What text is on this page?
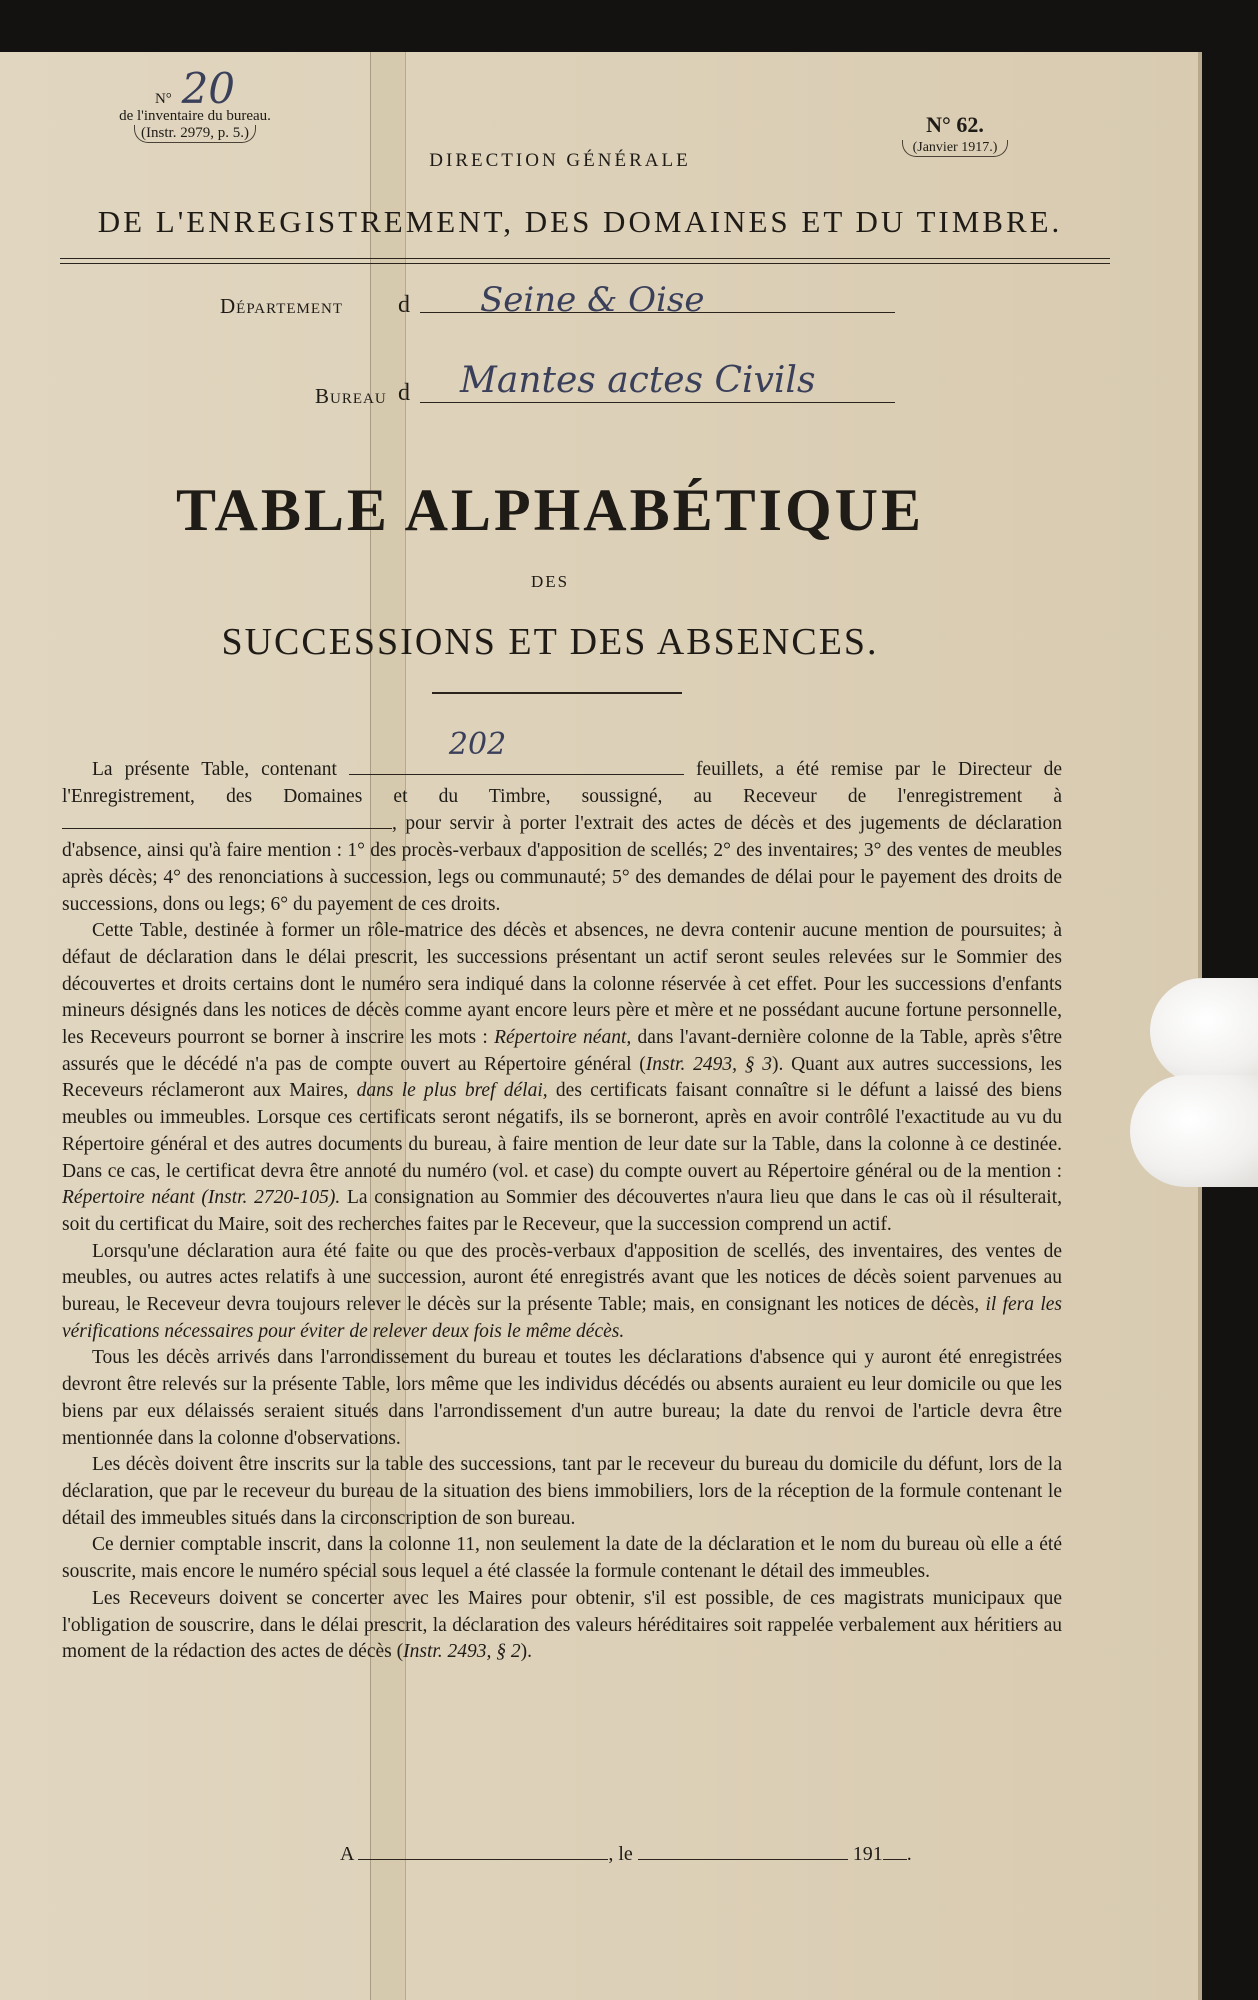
N° 20
de l'inventaire du bureau.
(Instr. 2979, p. 5.)	N° 62.
(Janvier 1917.)
DIRECTION GÉNÉRALE
DE L'ENREGISTREMENT, DES DOMAINES ET DU TIMBRE.
Département d Seine & Oise
Bureau d Mantes actes Civils
TABLE ALPHABÉTIQUE
DES
SUCCESSIONS ET DES ABSENCES.

La présente Table, contenant
202
feuillets, a été remise par le Directeur de l'Enregistrement, des Domaines et du Timbre, soussigné, au Receveur de l'enregistrement à , pour servir à porter l'extrait des actes de décès et des jugements de déclaration d'absence, ainsi qu'à faire mention : 1° des procès-verbaux d'apposition de scellés; 2° des inventaires; 3° des ventes de meubles après décès; 4° des renonciations à succession, legs ou communauté; 5° des demandes de délai pour le payement des droits de successions, dons ou legs; 6° du payement de ces droits.

Cette Table, destinée à former un rôle-matrice des décès et absences, ne devra contenir aucune mention de poursuites; à défaut de déclaration dans le délai prescrit, les successions présentant un actif seront seules relevées sur le Sommier des découvertes et droits certains dont le numéro sera indiqué dans la colonne réservée à cet effet. Pour les successions d'enfants mineurs désignés dans les notices de décès comme ayant encore leurs père et mère et ne possédant aucune fortune personnelle, les Receveurs pourront se borner à inscrire les mots : Répertoire néant, dans l'avant-dernière colonne de la Table, après s'être assurés que le décédé n'a pas de compte ouvert au Répertoire général (Instr. 2493, § 3). Quant aux autres successions, les Receveurs réclameront aux Maires, dans le plus bref délai, des certificats faisant connaître si le défunt a laissé des biens meubles ou immeubles. Lorsque ces certificats seront négatifs, ils se borneront, après en avoir contrôlé l'exactitude au vu du Répertoire général et des autres documents du bureau, à faire mention de leur date sur la Table, dans la colonne à ce destinée. Dans ce cas, le certificat devra être annoté du numéro (vol. et case) du compte ouvert au Répertoire général ou de la mention : Répertoire néant (Instr. 2720-105). La consignation au Sommier des découvertes n'aura lieu que dans le cas où il résulterait, soit du certificat du Maire, soit des recherches faites par le Receveur, que la succession comprend un actif.

Lorsqu'une déclaration aura été faite ou que des procès-verbaux d'apposition de scellés, des inventaires, des ventes de meubles, ou autres actes relatifs à une succession, auront été enregistrés avant que les notices de décès soient parvenues au bureau, le Receveur devra toujours relever le décès sur la présente Table; mais, en consignant les notices de décès, il fera les vérifications nécessaires pour éviter de relever deux fois le même décès.

Tous les décès arrivés dans l'arrondissement du bureau et toutes les déclarations d'absence qui y auront été enregistrées devront être relevés sur la présente Table, lors même que les individus décédés ou absents auraient eu leur domicile ou que les biens par eux délaissés seraient situés dans l'arrondissement d'un autre bureau; la date du renvoi de l'article devra être mentionnée dans la colonne d'observations.

Les décès doivent être inscrits sur la table des successions, tant par le receveur du bureau du domicile du défunt, lors de la déclaration, que par le receveur du bureau de la situation des biens immobiliers, lors de la réception de la formule contenant le détail des immeubles situés dans la circonscription de son bureau.

Ce dernier comptable inscrit, dans la colonne 11, non seulement la date de la déclaration et le nom du bureau où elle a été souscrite, mais encore le numéro spécial sous lequel a été classée la formule contenant le détail des immeubles.

Les Receveurs doivent se concerter avec les Maires pour obtenir, s'il est possible, de ces magistrats municipaux que l'obligation de souscrire, dans le délai prescrit, la déclaration des valeurs héréditaires soit rappelée verbalement aux héritiers au moment de la rédaction des actes de décès (Instr. 2493, § 2).

A	, le	191 .
